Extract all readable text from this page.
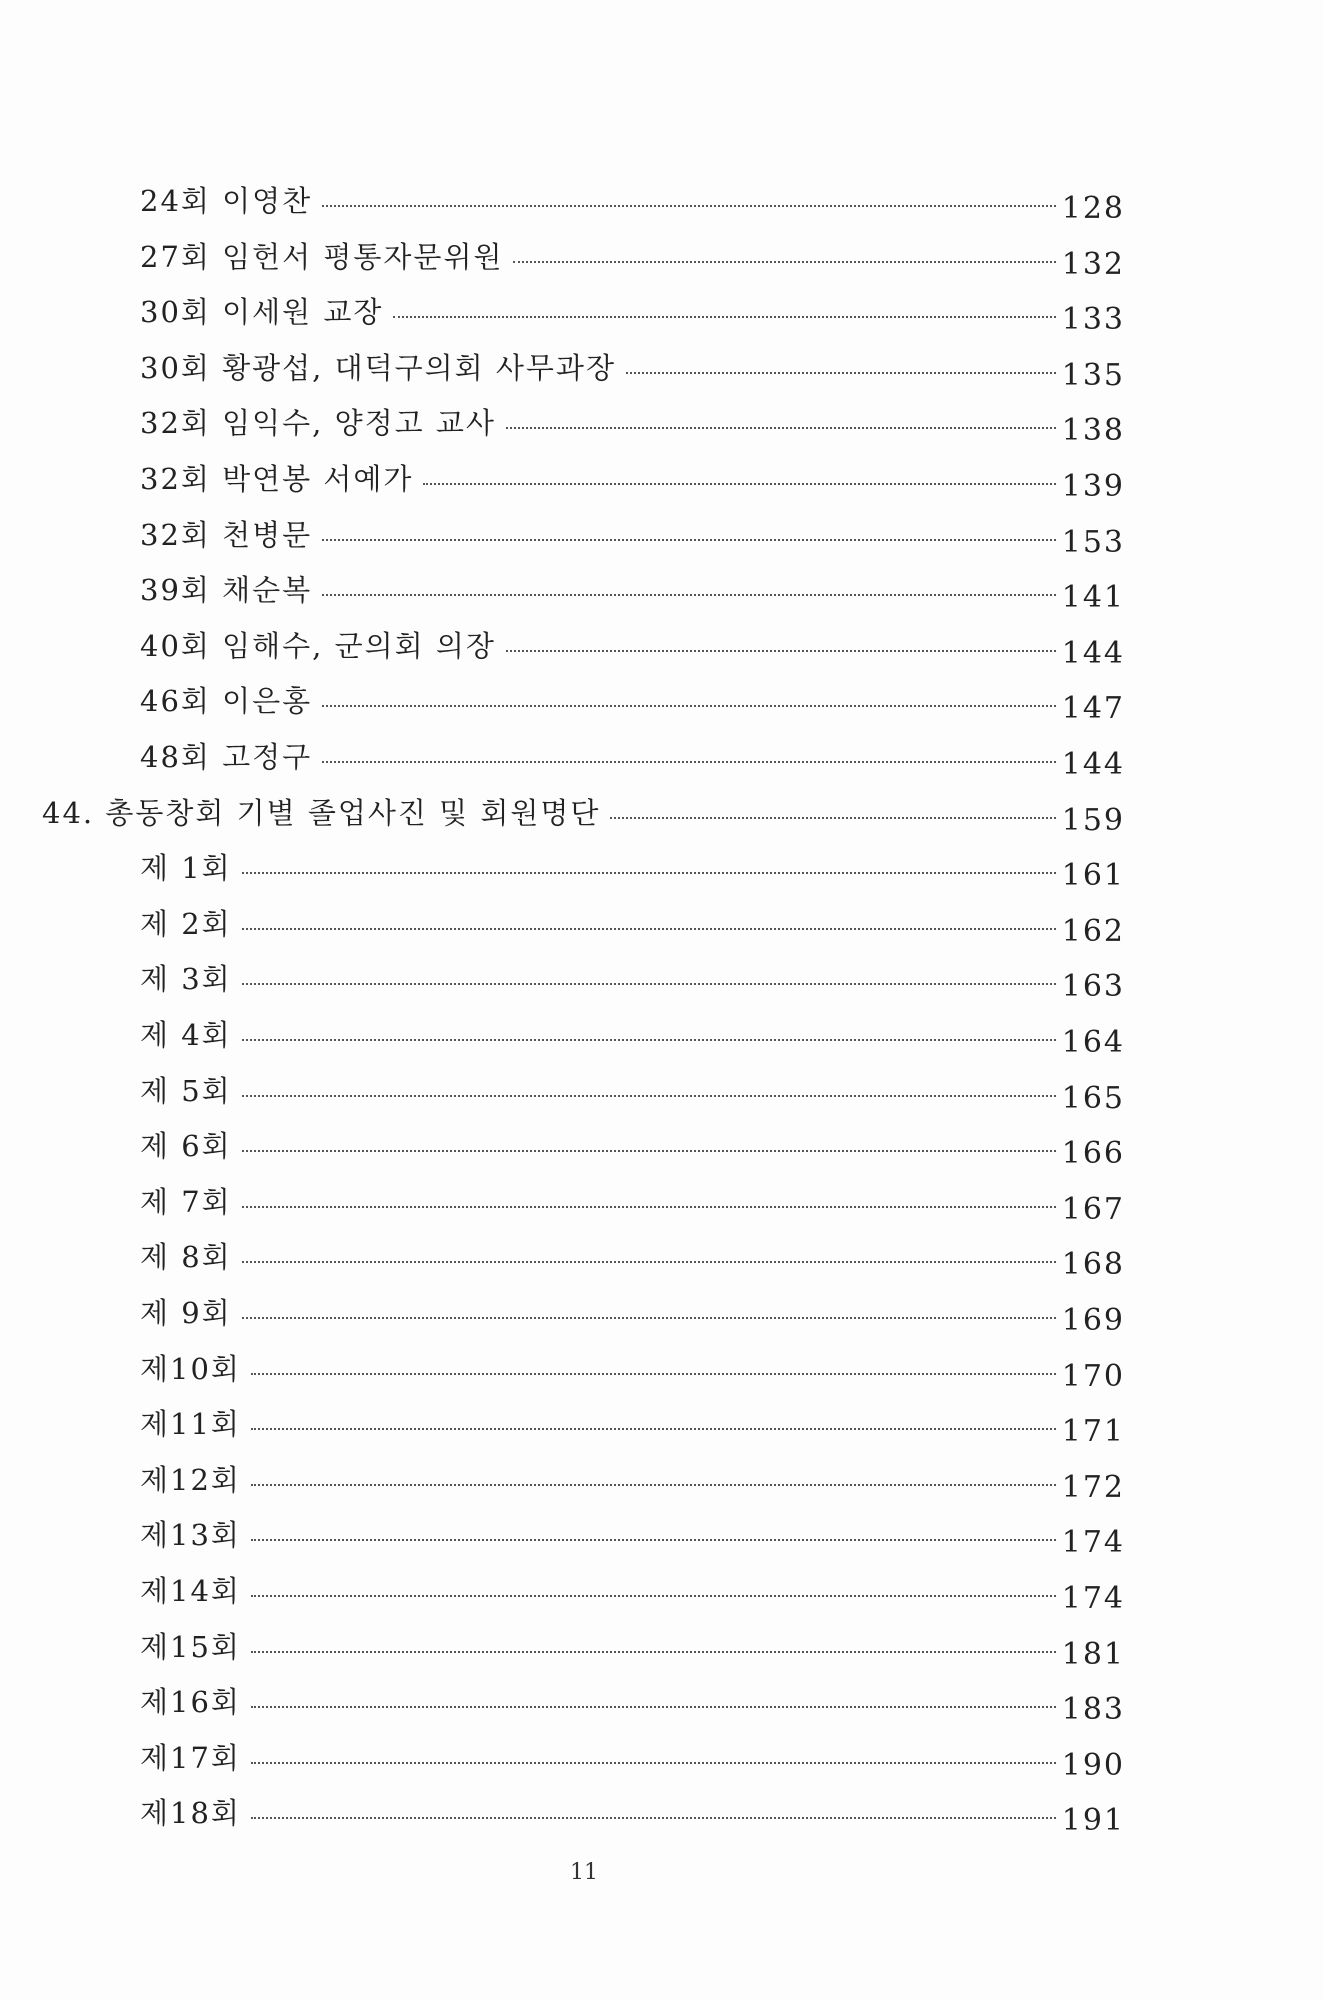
24회 이영찬	128
27회 임헌서 평통자문위원	132
30회 이세원 교장	133
30회 황광섭, 대덕구의회 사무과장	135
32회 임익수, 양정고 교사	138
32회 박연봉 서예가	139
32회 천병문	153
39회 채순복	141
40회 임해수, 군의회 의장	144
46회 이은홍	147
48회 고정구	144
44. 총동창회 기별 졸업사진 및 회원명단	159
제 1회	161
제 2회	162
제 3회	163
제 4회	164
제 5회	165
제 6회	166
제 7회	167
제 8회	168
제 9회	169
제10회	170
제11회	171
제12회	172
제13회	174
제14회	174
제15회	181
제16회	183
제17회	190
제18회	191
11
